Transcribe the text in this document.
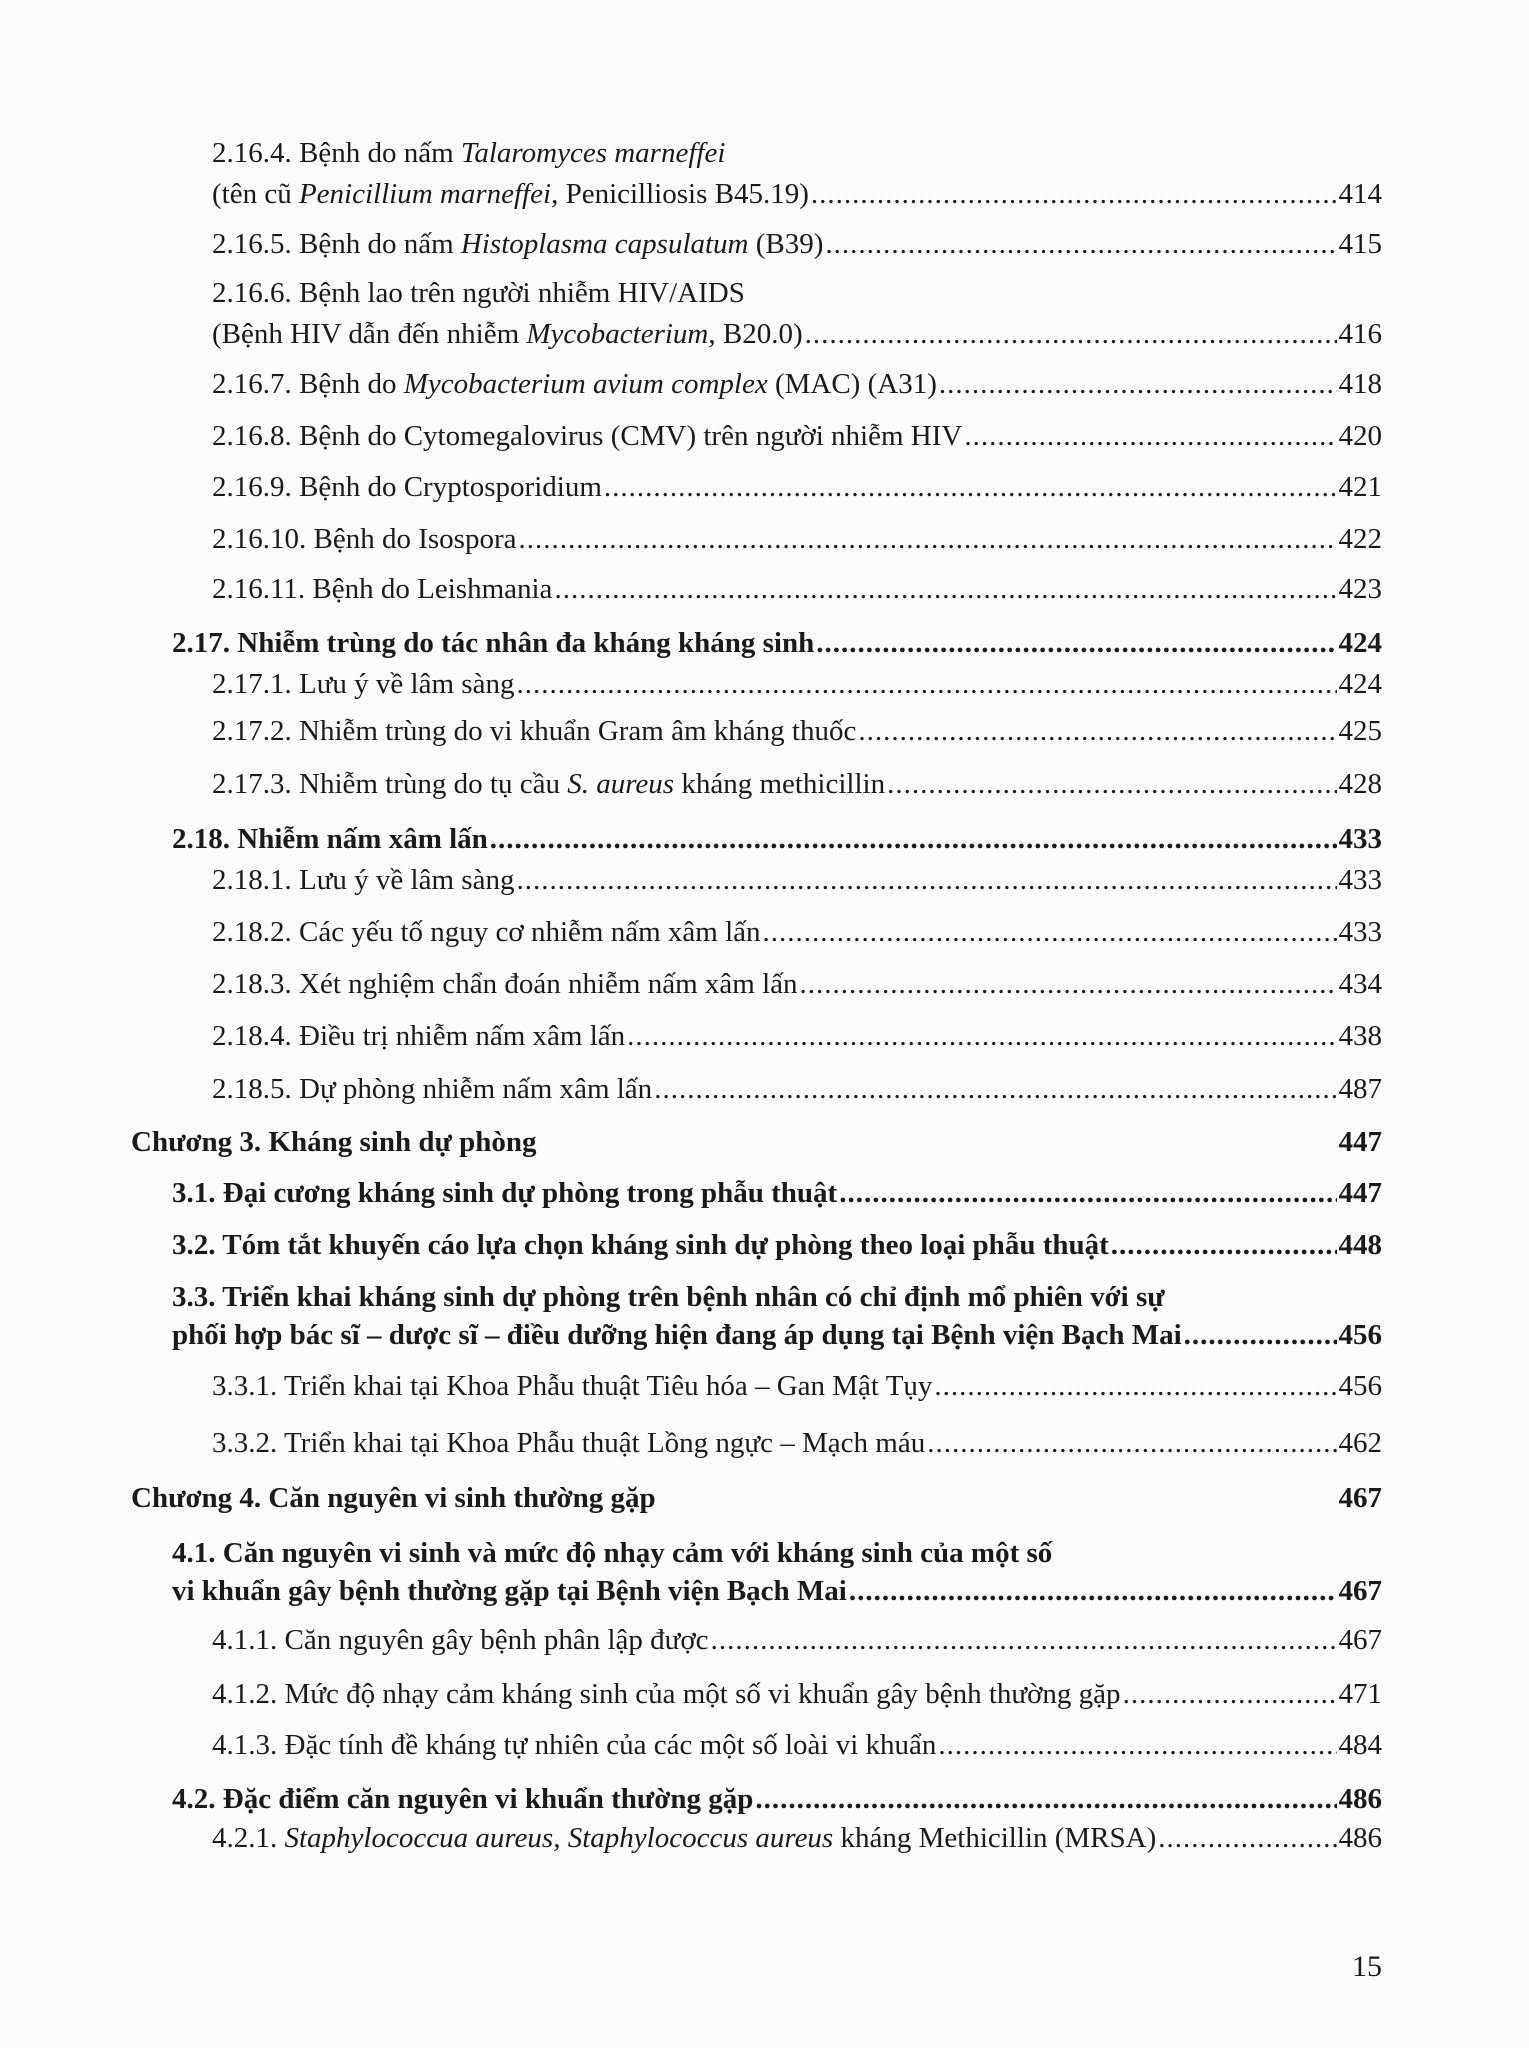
2.16.4. Bệnh do nấm Talaromyces marneffei
(tên cũ Penicillium marneffei, Penicilliosis B45.19) .....	414
2.16.5. Bệnh do nấm Histoplasma capsulatum (B39) .....	415
2.16.6. Bệnh lao trên người nhiễm HIV/AIDS
(Bệnh HIV dẫn đến nhiễm Mycobacterium, B20.0) .....	416
2.16.7. Bệnh do Mycobacterium avium complex (MAC) (A31) .....	418
2.16.8. Bệnh do Cytomegalovirus (CMV) trên người nhiễm HIV .....	420
2.16.9. Bệnh do Cryptosporidium .....	421
2.16.10. Bệnh do Isospora .....	422
2.16.11. Bệnh do Leishmania .....	423
2.17. Nhiễm trùng do tác nhân đa kháng kháng sinh .....	424
2.17.1. Lưu ý về lâm sàng .....	424
2.17.2. Nhiễm trùng do vi khuẩn Gram âm kháng thuốc .....	425
2.17.3. Nhiễm trùng do tụ cầu S. aureus kháng methicillin .....	428
2.18. Nhiễm nấm xâm lấn .....	433
2.18.1. Lưu ý về lâm sàng .....	433
2.18.2. Các yếu tố nguy cơ nhiễm nấm xâm lấn .....	433
2.18.3. Xét nghiệm chẩn đoán nhiễm nấm xâm lấn .....	434
2.18.4. Điều trị nhiễm nấm xâm lấn .....	438
2.18.5. Dự phòng nhiễm nấm xâm lấn .....	487
Chương 3. Kháng sinh dự phòng	447
3.1. Đại cương kháng sinh dự phòng trong phẫu thuật .....	447
3.2. Tóm tắt khuyến cáo lựa chọn kháng sinh dự phòng theo loại phẫu thuật .....	448
3.3. Triển khai kháng sinh dự phòng trên bệnh nhân có chỉ định mổ phiên với sự
phối hợp bác sĩ – dược sĩ – điều dưỡng hiện đang áp dụng tại Bệnh viện Bạch Mai .....	456
3.3.1. Triển khai tại Khoa Phẫu thuật Tiêu hóa – Gan Mật Tụy .....	456
3.3.2. Triển khai tại Khoa Phẫu thuật Lồng ngực – Mạch máu .....	462
Chương 4. Căn nguyên vi sinh thường gặp	467
4.1. Căn nguyên vi sinh và mức độ nhạy cảm với kháng sinh của một số
vi khuẩn gây bệnh thường gặp tại Bệnh viện Bạch Mai .....	467
4.1.1. Căn nguyên gây bệnh phân lập được .....	467
4.1.2. Mức độ nhạy cảm kháng sinh của một số vi khuẩn gây bệnh thường gặp .....	471
4.1.3. Đặc tính đề kháng tự nhiên của các một số loài vi khuẩn .....	484
4.2. Đặc điểm căn nguyên vi khuẩn thường gặp .....	486
4.2.1. Staphylococcua aureus, Staphylococcus aureus kháng Methicillin (MRSA) .....	486
15
